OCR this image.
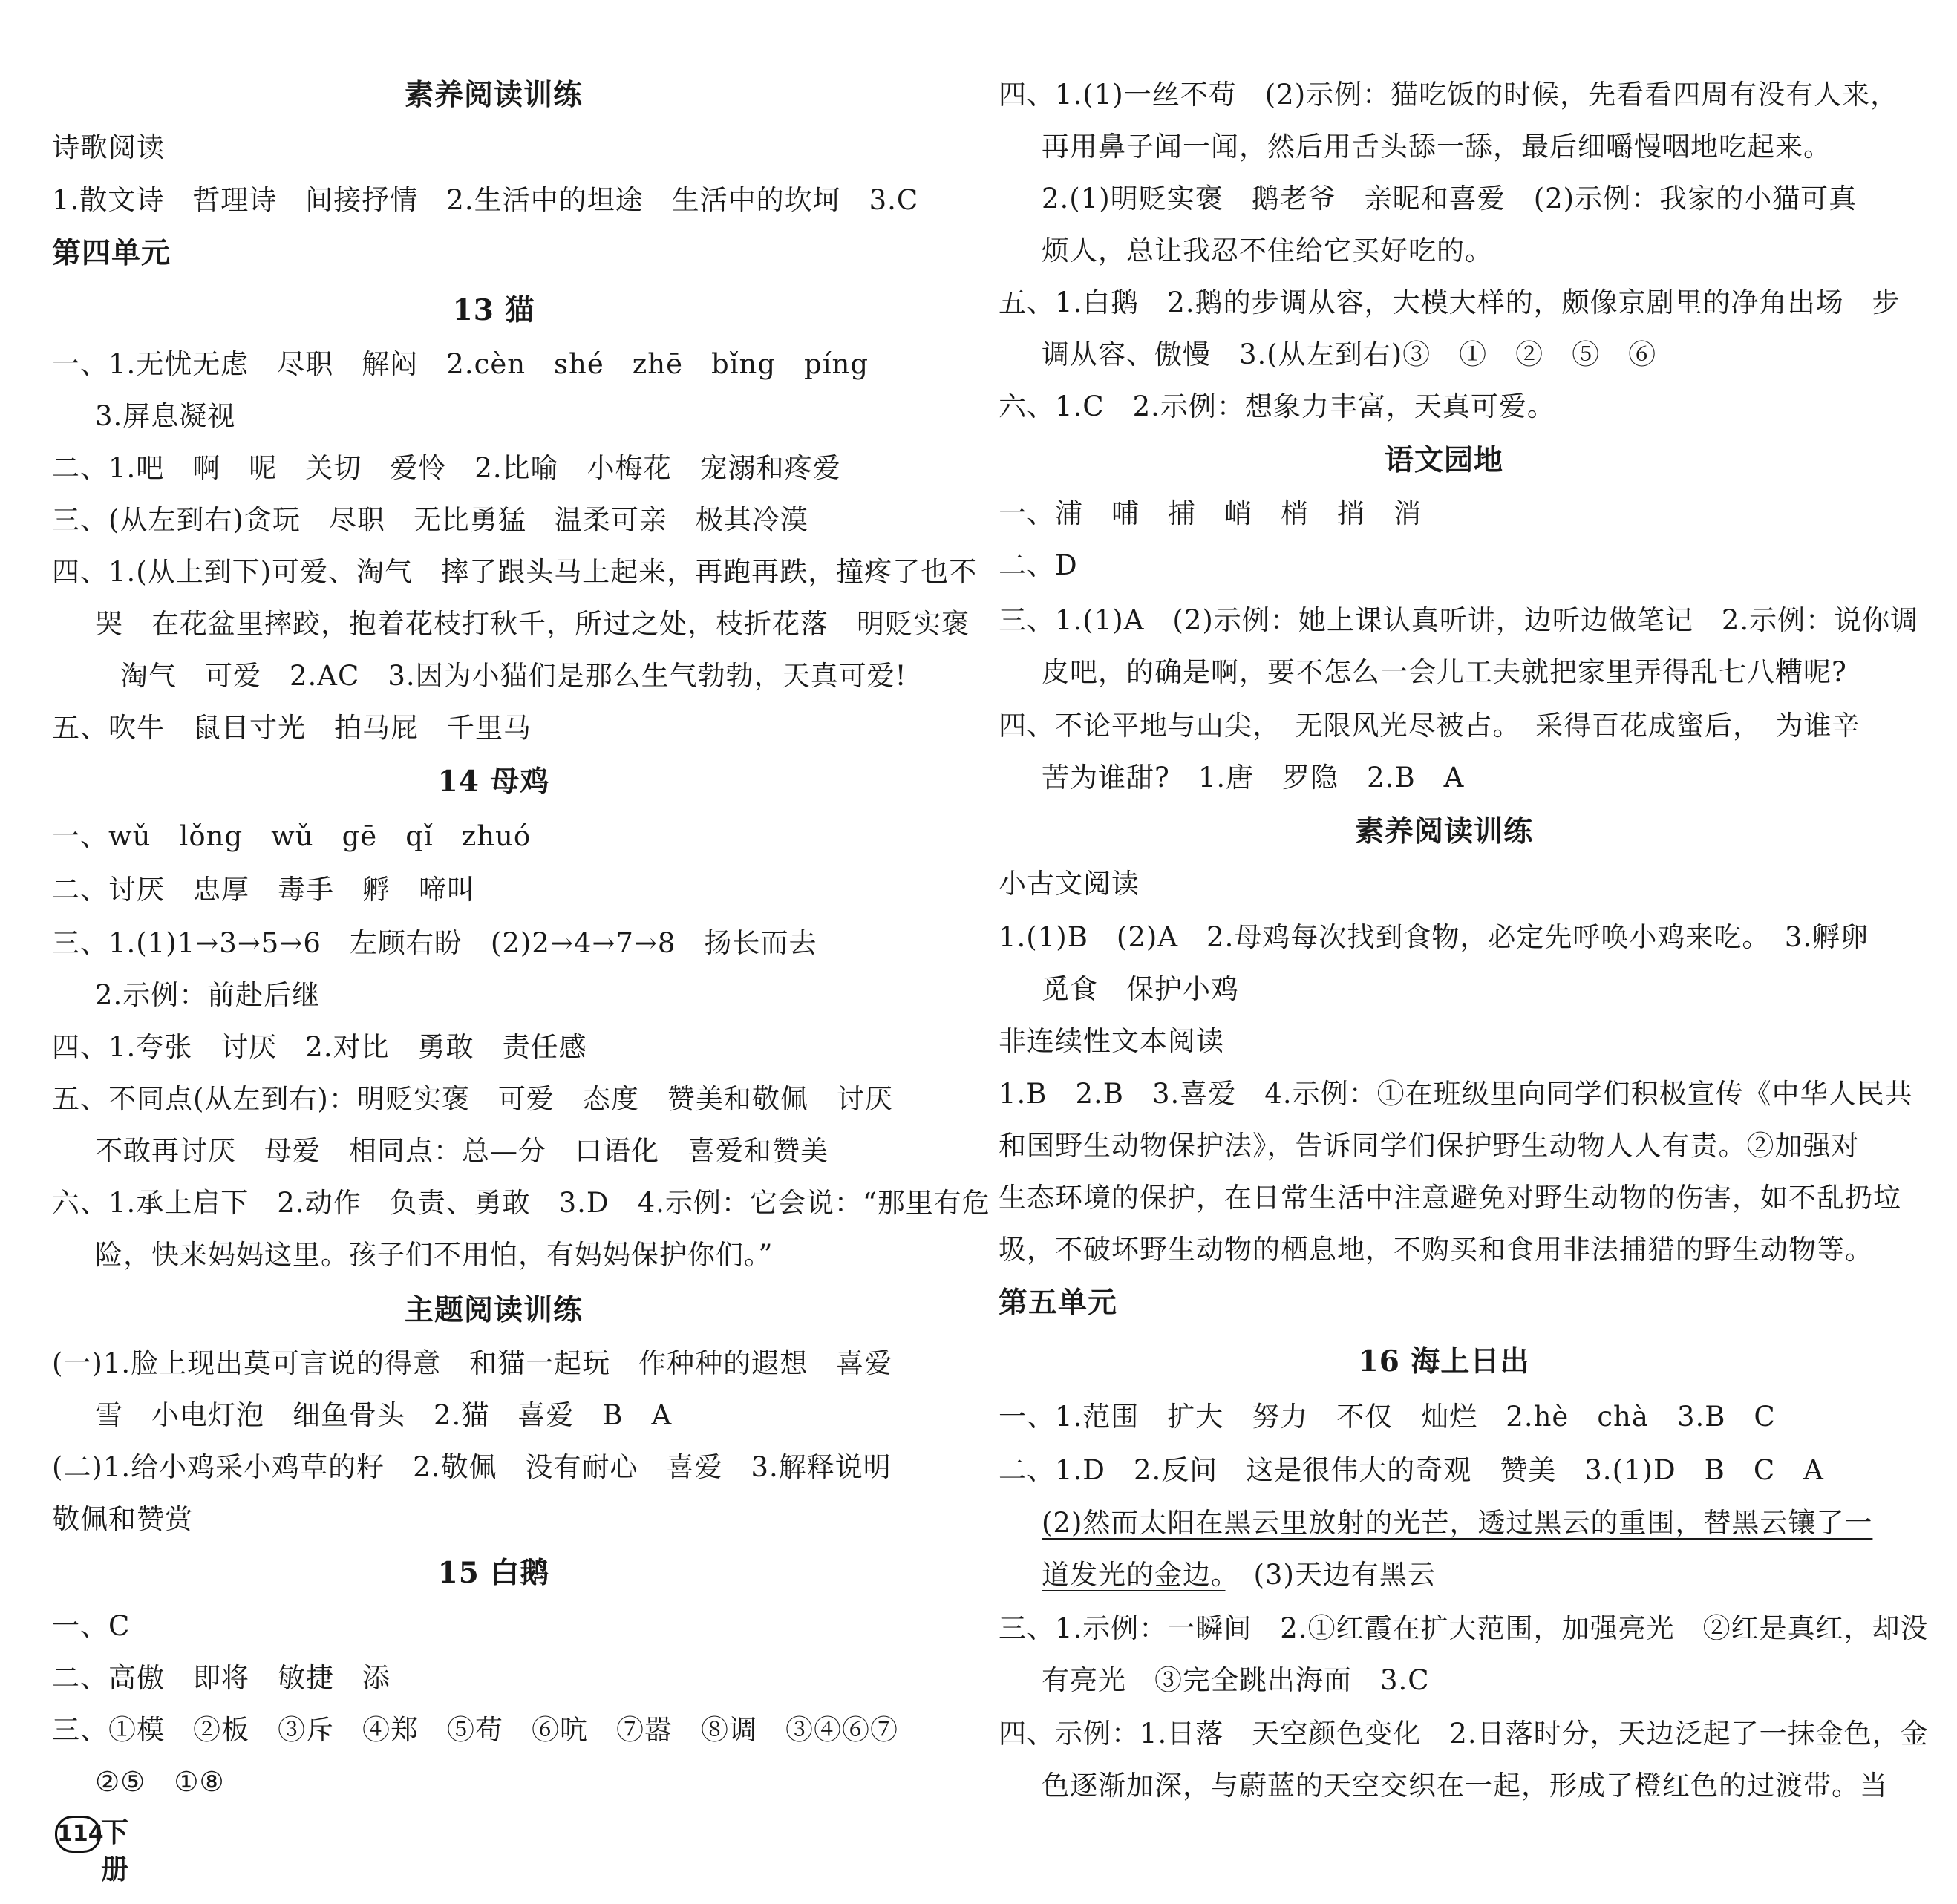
素养阅读训练
诗歌阅读
1.散文诗　哲理诗　间接抒情　2.生活中的坦途　生活中的坎坷　3.C
第四单元
13 猫
一、1.无忧无虑　尽职　解闷　2.cèn　shé　zhē　bǐng　píng
3.屏息凝视
二、1.吧　啊　呢　关切　爱怜　2.比喻　小梅花　宠溺和疼爱
三、(从左到右)贪玩　尽职　无比勇猛　温柔可亲　极其冷漠
四、1.(从上到下)可爱、淘气　摔了跟头马上起来，再跑再跌，撞疼了也不
哭　在花盆里摔跤，抱着花枝打秋千，所过之处，枝折花落　明贬实褒
淘气　可爱　2.AC　3.因为小猫们是那么生气勃勃，天真可爱!
五、吹牛　鼠目寸光　拍马屁　千里马
14 母鸡
一、wǔ　lǒng　wǔ　gē　qǐ　zhuó
二、讨厌　忠厚　毒手　孵　啼叫
三、1.(1)1→3→5→6　左顾右盼　(2)2→4→7→8　扬长而去
2.示例：前赴后继
四、1.夸张　讨厌　2.对比　勇敢　责任感
五、不同点(从左到右)：明贬实褒　可爱　态度　赞美和敬佩　讨厌
不敢再讨厌　母爱　相同点：总—分　口语化　喜爱和赞美
六、1.承上启下　2.动作　负责、勇敢　3.D　4.示例：它会说：“那里有危
险，快来妈妈这里。孩子们不用怕，有妈妈保护你们。”
主题阅读训练
(一)1.脸上现出莫可言说的得意　和猫一起玩　作种种的遐想　喜爱
雪　小电灯泡　细鱼骨头　2.猫　喜爱　B　A
(二)1.给小鸡采小鸡草的籽　2.敬佩　没有耐心　喜爱　3.解释说明
敬佩和赞赏
15 白鹅
一、C
二、高傲　即将　敏捷　添
三、①模　②板　③斥　④郑　⑤苟　⑥吭　⑦嚣　⑧调　③④⑥⑦
②⑤　①⑧
114
下册
四、1.(1)一丝不苟　(2)示例：猫吃饭的时候，先看看四周有没有人来，
再用鼻子闻一闻，然后用舌头舔一舔，最后细嚼慢咽地吃起来。
2.(1)明贬实褒　鹅老爷　亲昵和喜爱　(2)示例：我家的小猫可真
烦人，总让我忍不住给它买好吃的。
五、1.白鹅　2.鹅的步调从容，大模大样的，颇像京剧里的净角出场　步
调从容、傲慢　3.(从左到右)③　①　②　⑤　⑥
六、1.C　2.示例：想象力丰富，天真可爱。
语文园地
一、浦　哺　捕　峭　梢　捎　消
二、D
三、1.(1)A　(2)示例：她上课认真听讲，边听边做笔记　2.示例：说你调
皮吧，的确是啊，要不怎么一会儿工夫就把家里弄得乱七八糟呢?
四、不论平地与山尖，　无限风光尽被占。　采得百花成蜜后，　为谁辛
苦为谁甜?　1.唐　罗隐　2.B　A
素养阅读训练
小古文阅读
1.(1)B　(2)A　2.母鸡每次找到食物，必定先呼唤小鸡来吃。　3.孵卵
觅食　保护小鸡
非连续性文本阅读
1.B　2.B　3.喜爱　4.示例：①在班级里向同学们积极宣传《中华人民共
和国野生动物保护法》，告诉同学们保护野生动物人人有责。②加强对
生态环境的保护，在日常生活中注意避免对野生动物的伤害，如不乱扔垃
圾，不破坏野生动物的栖息地，不购买和食用非法捕猎的野生动物等。
第五单元
16 海上日出
一、1.范围　扩大　努力　不仅　灿烂　2.hè　chà　3.B　C
二、1.D　2.反问　这是很伟大的奇观　赞美　3.(1)D　B　C　A
(2)然而太阳在黑云里放射的光芒，透过黑云的重围，替黑云镶了一
道发光的金边。　(3)天边有黑云
三、1.示例：一瞬间　2.①红霞在扩大范围，加强亮光　②红是真红，却没
有亮光　③完全跳出海面　3.C
四、示例：1.日落　天空颜色变化　2.日落时分，天边泛起了一抹金色，金
色逐渐加深，与蔚蓝的天空交织在一起，形成了橙红色的过渡带。当
